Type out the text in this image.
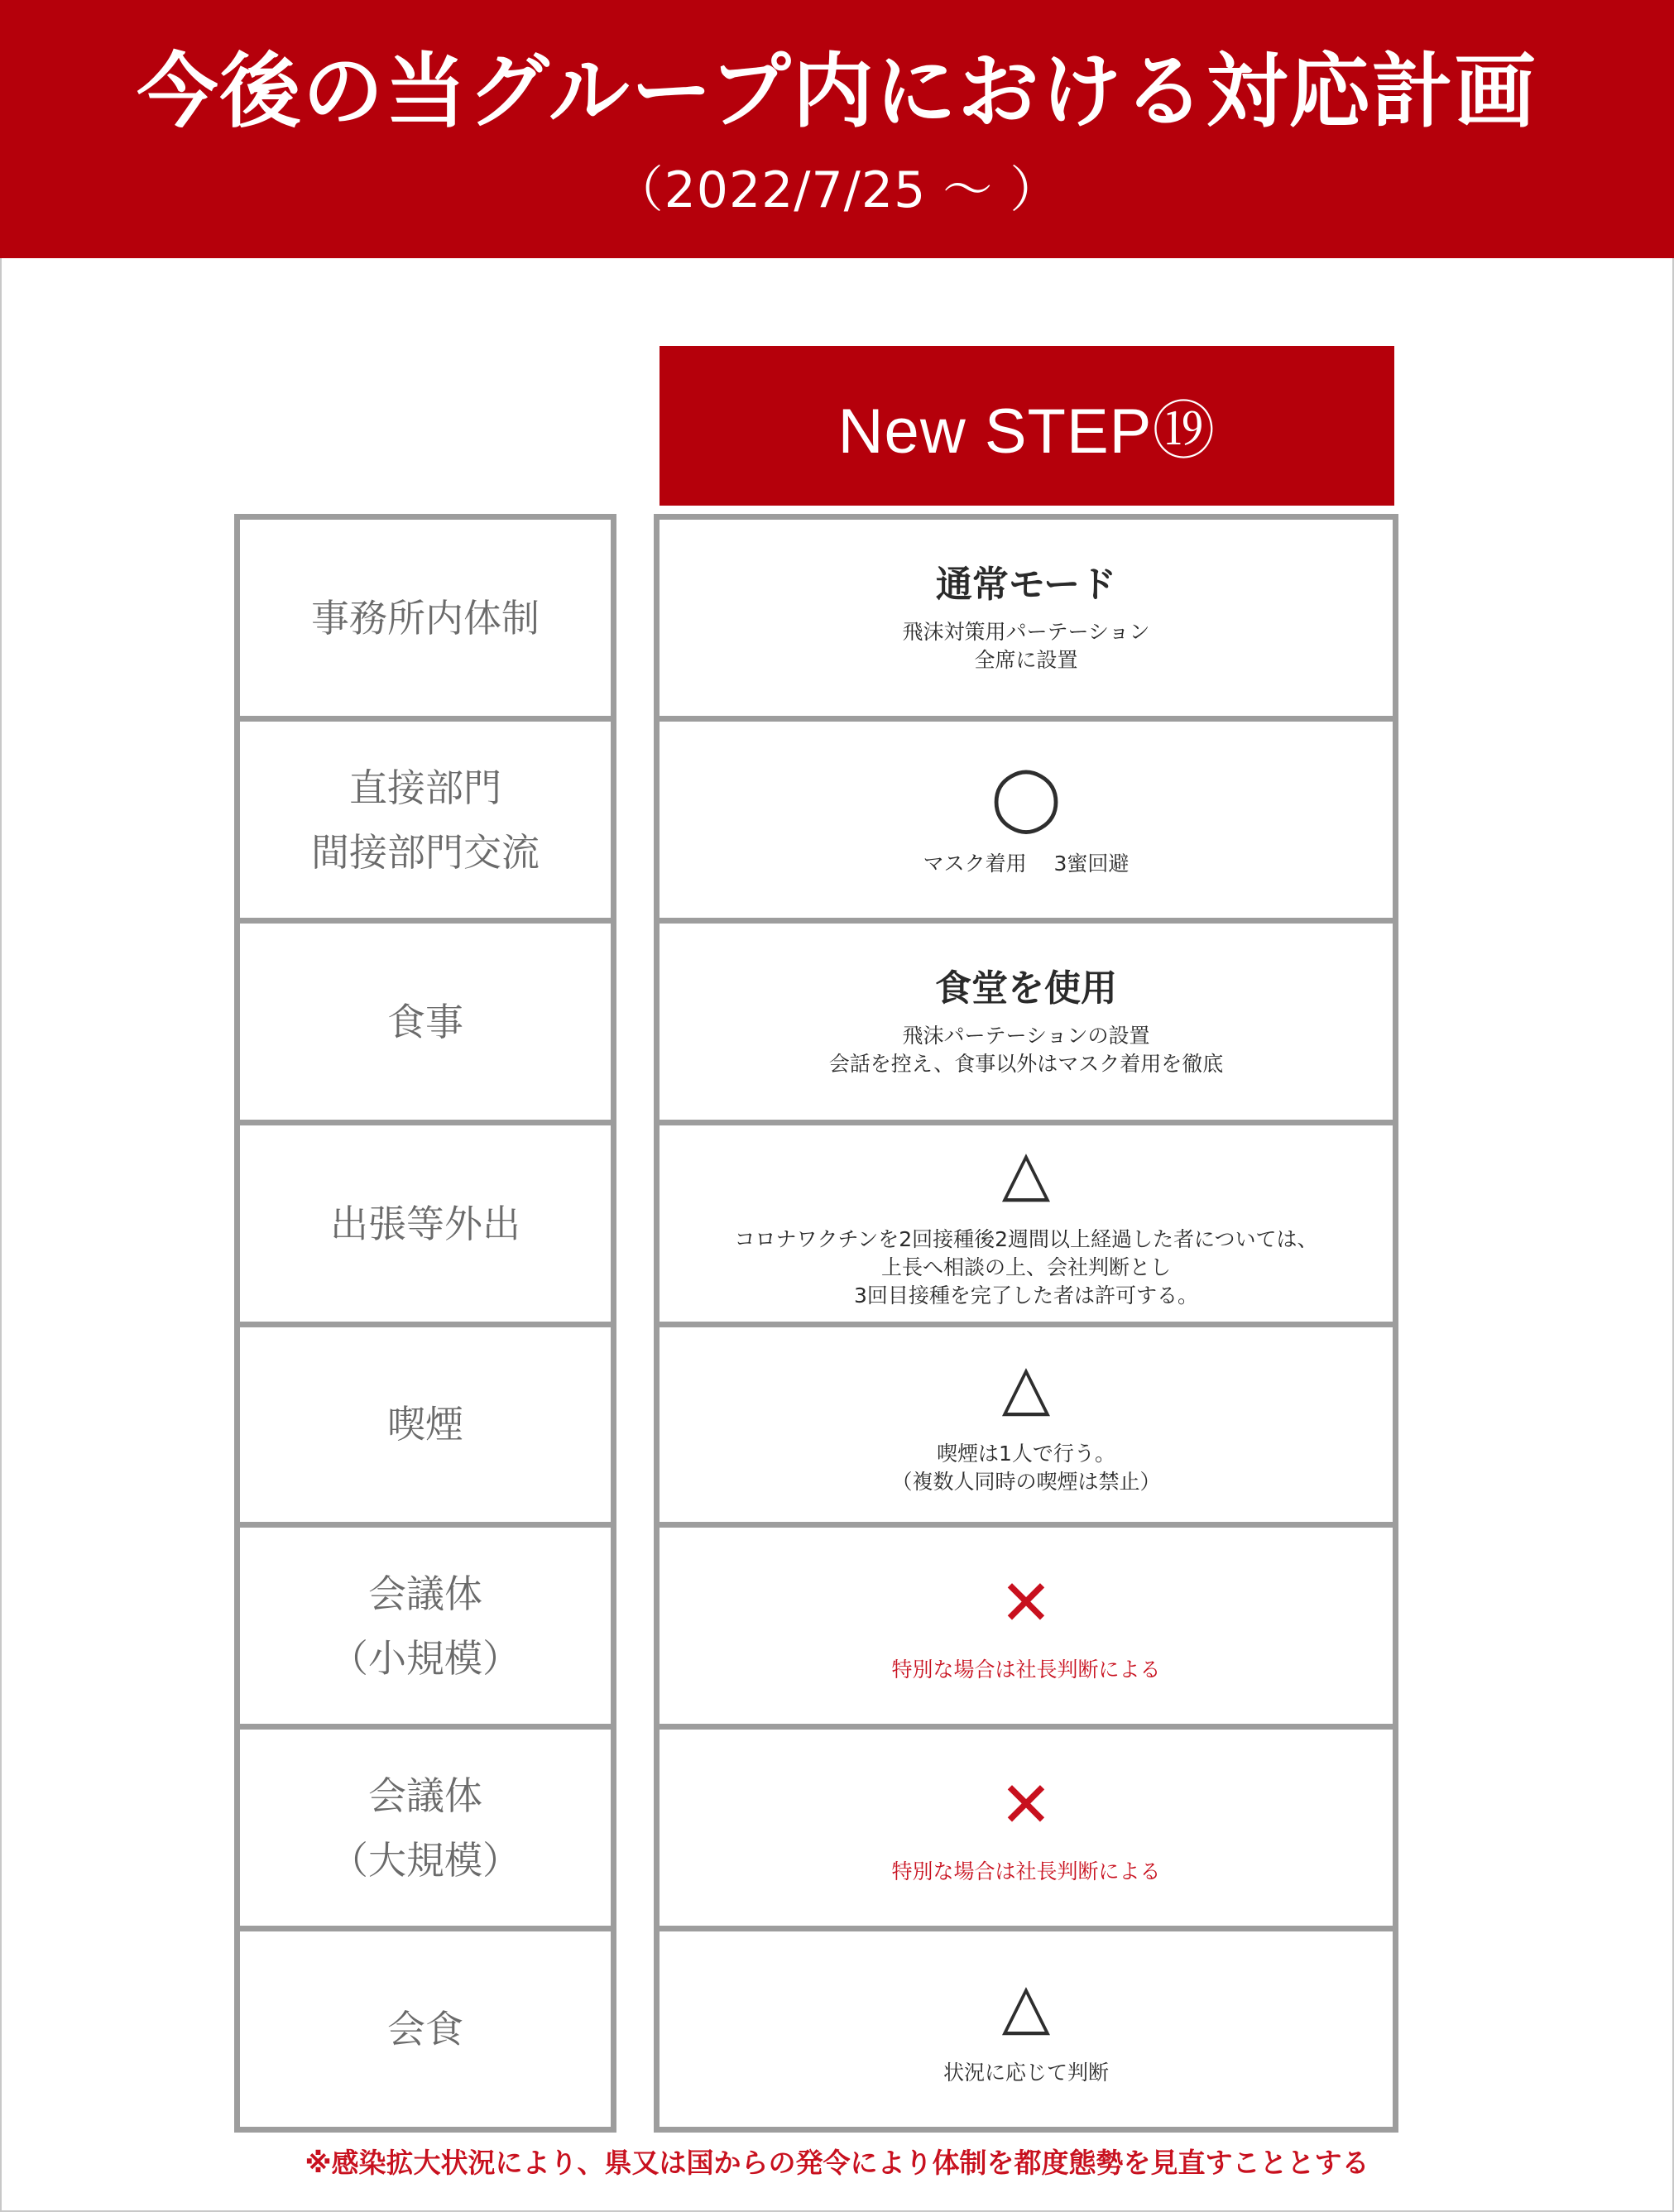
今後の当グループ内における対応計画
（2022/7/25 ～ ）
New STEP⑲
事務所内体制
直接部門
間接部門交流
食事
出張等外出
喫煙
会議体
（小規模）
会議体
（大規模）
会食
通常モード
飛沫対策用パーテーション
全席に設置
◯
マスク着用　 3蜜回避
食堂を使用
飛沫パーテーションの設置
会話を控え、食事以外はマスク着用を徹底
△
コロナワクチンを2回接種後2週間以上経過した者については、
上長へ相談の上、会社判断とし
3回目接種を完了した者は許可する。
△
喫煙は1人で行う。
（複数人同時の喫煙は禁止）
✕
特別な場合は社長判断による
✕
特別な場合は社長判断による
△
状況に応じて判断
※感染拡大状況により、県又は国からの発令により体制を都度態勢を見直すこととする
